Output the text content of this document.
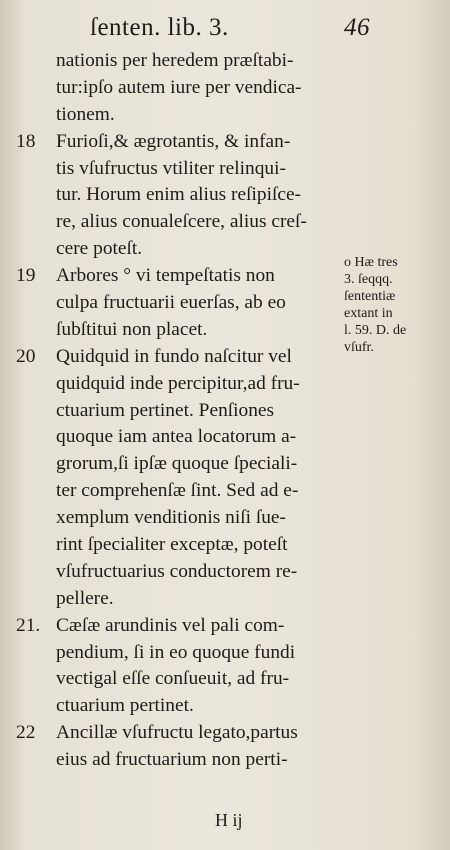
ſenten. lib. 3.	46
nationis per heredem præſtabi-
tur:ipſo autem iure per vendica-
tionem.
18 Furioſi,& ægrotantis, & infan-
tis vſufructus vtiliter relinqui-
tur. Horum enim alius reſipiſce-
re, alius conualeſcere, alius creſ-
cere poteſt.
19 Arbores ° vi tempeſtatis non
culpa fructuarii euerſas, ab eo
ſubſtitui non placet.
20 Quidquid in fundo naſcitur vel
quidquid inde percipitur,ad fru-
ctuarium pertinet. Penſiones
quoque iam antea locatorum a-
grorum,ſi ipſæ quoque ſpeciali-
ter comprehenſæ ſint. Sed ad e-
xemplum venditionis niſi ſue-
rint ſpecialiter exceptæ, poteſt
vſufructuarius conductorem re-
pellere.
21. Cæſæ arundinis vel pali com-
pendium, ſi in eo quoque fundi
vectigal eſſe conſueuit, ad fru-
ctuarium pertinet.
22 Ancillæ vſufructu legato,partus
eius ad fructuarium non perti-
o Hæ tres
3. ſeqqq.
ſententiæ
extant in
l. 59. D. de
vſufr.
H ij
